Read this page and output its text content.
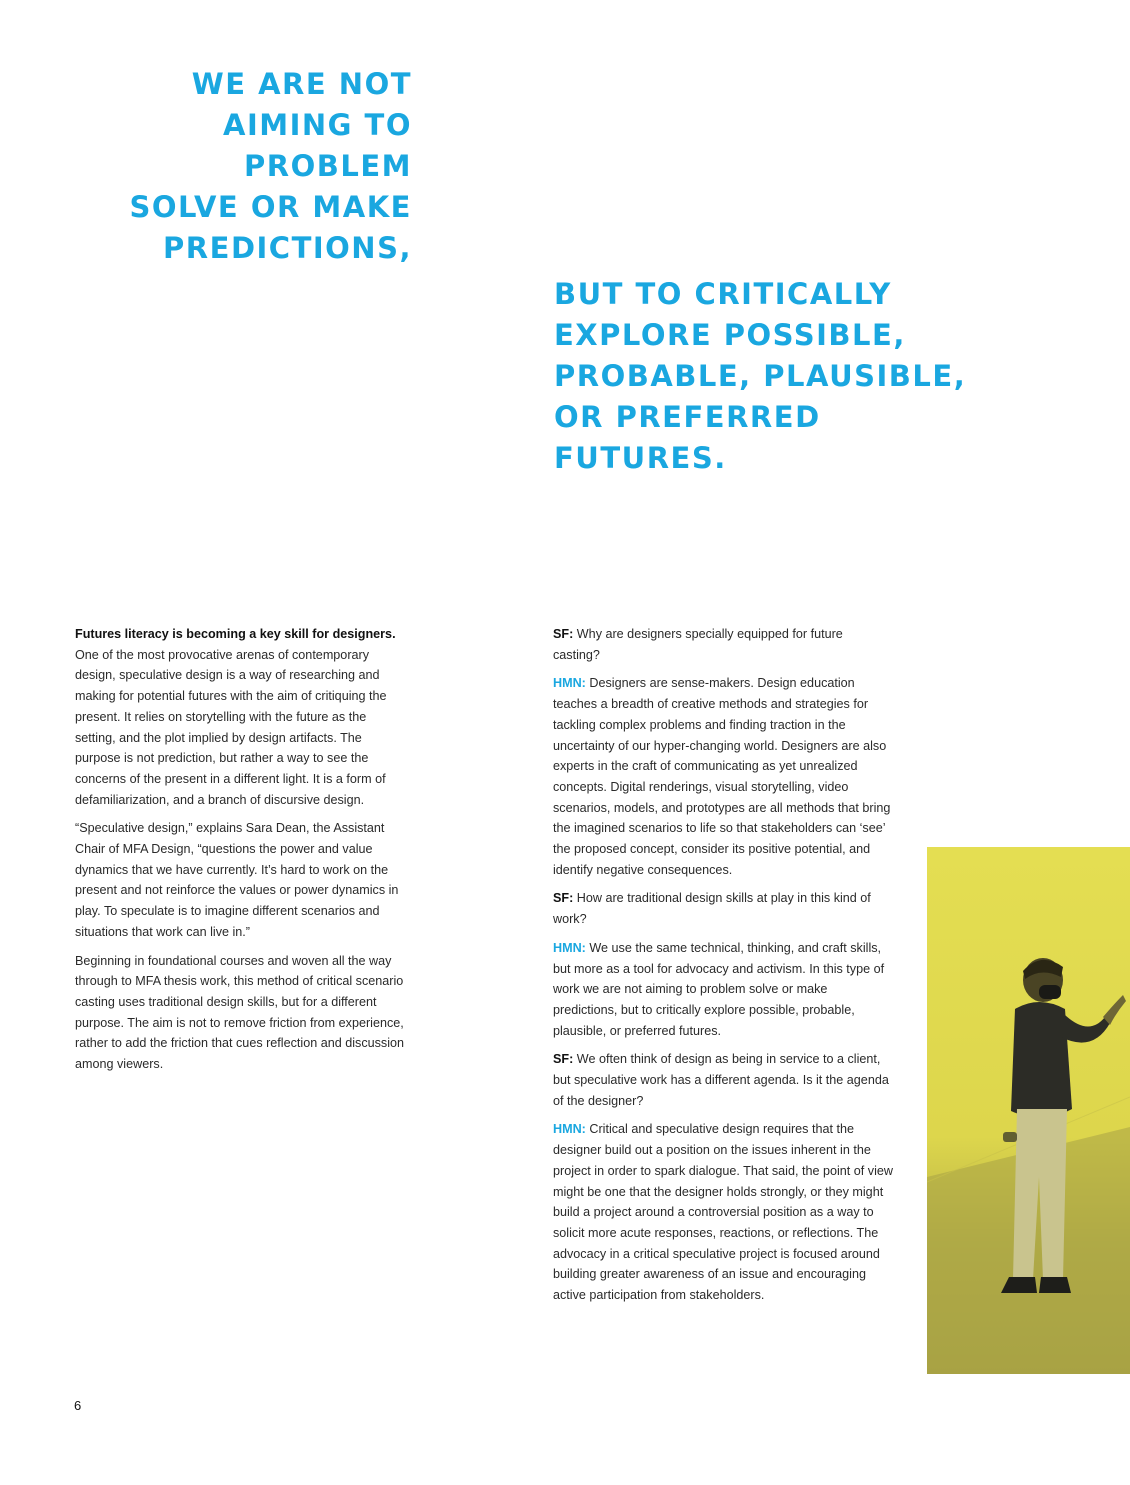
WE ARE NOT
AIMING TO
PROBLEM
SOLVE OR MAKE
PREDICTIONS,
BUT TO CRITICALLY
EXPLORE POSSIBLE,
PROBABLE, PLAUSIBLE,
OR PREFERRED
FUTURES.

Futures literacy is becoming a key skill for designers.
One of the most provocative arenas of contemporary design, speculative design is a way of researching and making for potential futures with the aim of critiquing the present. It relies on storytelling with the future as the setting, and the plot implied by design artifacts. The purpose is not prediction, but rather a way to see the concerns of the present in a different light. It is a form of defamiliarization, and a branch of discursive design.

“Speculative design,” explains Sara Dean, the Assistant Chair of MFA Design, “questions the power and value dynamics that we have currently. It’s hard to work on the present and not reinforce the values or power dynamics in play. To speculate is to imagine different scenarios and situations that work can live in.”

Beginning in foundational courses and woven all the way through to MFA thesis work, this method of critical scenario casting uses traditional design skills, but for a different purpose. The aim is not to remove friction from experience, rather to add the friction that cues reflection and discussion among viewers.

SF: Why are designers specially equipped for future casting?

HMN: Designers are sense-makers. Design education teaches a breadth of creative methods and strategies for tackling complex problems and finding traction in the uncertainty of our hyper-changing world. Designers are also experts in the craft of communicating as yet unrealized concepts. Digital renderings, visual storytelling, video scenarios, models, and prototypes are all methods that bring the imagined scenarios to life so that stakeholders can ‘see’ the proposed concept, consider its positive potential, and identify negative consequences.

SF: How are traditional design skills at play in this kind of work?

HMN: We use the same technical, thinking, and craft skills, but more as a tool for advocacy and activism. In this type of work we are not aiming to problem solve or make predictions, but to critically explore possible, probable, plausible, or preferred futures.

SF: We often think of design as being in service to a client, but speculative work has a different agenda. Is it the agenda of the designer?

HMN: Critical and speculative design requires that the designer build out a position on the issues inherent in the project in order to spark dialogue. That said, the point of view might be one that the designer holds strongly, or they might build a project around a controversial position as a way to solicit more acute responses, reactions, or reflections. The advocacy in a critical speculative project is focused around building greater awareness of an issue and encouraging active participation from stakeholders.

6
